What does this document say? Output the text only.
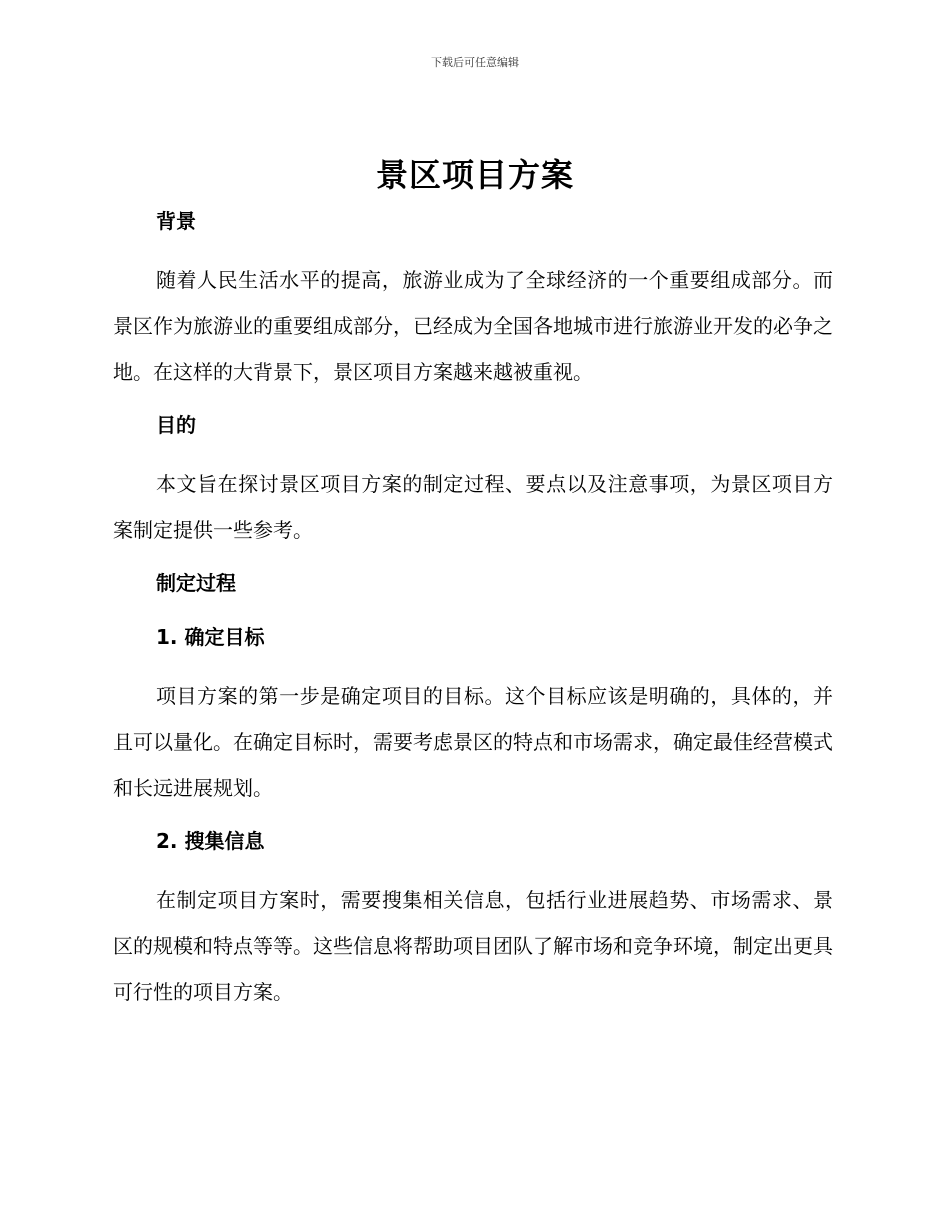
下载后可任意编辑
景区项目方案
背景

随着人民生活水平的提高，旅游业成为了全球经济的一个重要组成部分。而景区作为旅游业的重要组成部分，已经成为全国各地城市进行旅游业开发的必争之地。在这样的大背景下，景区项目方案越来越被重视。

目的

本文旨在探讨景区项目方案的制定过程、要点以及注意事项，为景区项目方案制定提供一些参考。

制定过程
1. 确定目标

项目方案的第一步是确定项目的目标。这个目标应该是明确的，具体的，并且可以量化。在确定目标时，需要考虑景区的特点和市场需求，确定最佳经营模式和长远进展规划。

2. 搜集信息

在制定项目方案时，需要搜集相关信息，包括行业进展趋势、市场需求、景区的规模和特点等等。这些信息将帮助项目团队了解市场和竞争环境，制定出更具可行性的项目方案。
